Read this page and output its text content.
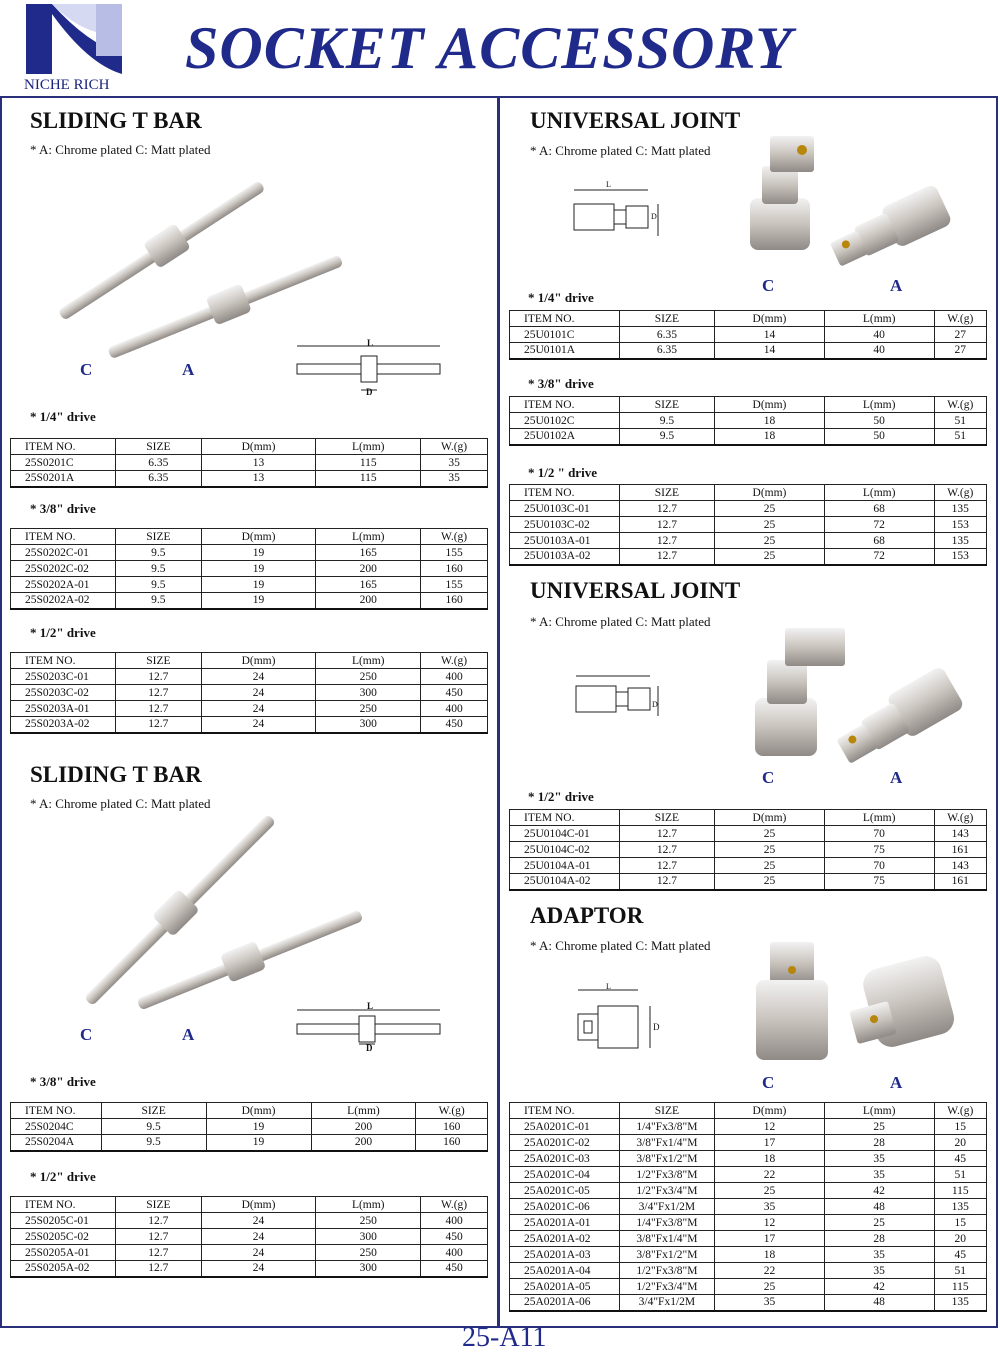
NICHE RICH
SOCKET ACCESSORY
SLIDING T BAR
* A: Chrome plated C: Matt plated
L
D
C	A
* 1/4" drive
ITEM NO.	SIZE	D(mm)	L(mm)	W.(g)
25S0201C	6.35	13	115	35
25S0201A	6.35	13	115	35
* 3/8" drive
ITEM NO.	SIZE	D(mm)	L(mm)	W.(g)
25S0202C-01	9.5	19	165	155
25S0202C-02	9.5	19	200	160
25S0202A-01	9.5	19	165	155
25S0202A-02	9.5	19	200	160
* 1/2" drive
ITEM NO.	SIZE	D(mm)	L(mm)	W.(g)
25S0203C-01	12.7	24	250	400
25S0203C-02	12.7	24	300	450
25S0203A-01	12.7	24	250	400
25S0203A-02	12.7	24	300	450
SLIDING T BAR
* A: Chrome plated C: Matt plated
L
D
C	A
* 3/8" drive
ITEM NO.	SIZE	D(mm)	L(mm)	W.(g)
25S0204C	9.5	19	200	160
25S0204A	9.5	19	200	160
* 1/2" drive
ITEM NO.	SIZE	D(mm)	L(mm)	W.(g)
25S0205C-01	12.7	24	250	400
25S0205C-02	12.7	24	300	450
25S0205A-01	12.7	24	250	400
25S0205A-02	12.7	24	300	450
UNIVERSAL JOINT
* A: Chrome plated C: Matt plated
L
D
C	A
* 1/4" drive
ITEM NO.	SIZE	D(mm)	L(mm)	W.(g)
25U0101C	6.35	14	40	27
25U0101A	6.35	14	40	27
* 3/8" drive
ITEM NO.	SIZE	D(mm)	L(mm)	W.(g)
25U0102C	9.5	18	50	51
25U0102A	9.5	18	50	51
* 1/2 " drive
ITEM NO.	SIZE	D(mm)	L(mm)	W.(g)
25U0103C-01	12.7	25	68	135
25U0103C-02	12.7	25	72	153
25U0103A-01	12.7	25	68	135
25U0103A-02	12.7	25	72	153
UNIVERSAL JOINT
* A: Chrome plated C: Matt plated
D
C	A
* 1/2" drive
ITEM NO.	SIZE	D(mm)	L(mm)	W.(g)
25U0104C-01	12.7	25	70	143
25U0104C-02	12.7	25	75	161
25U0104A-01	12.7	25	70	143
25U0104A-02	12.7	25	75	161
ADAPTOR
* A: Chrome plated C: Matt plated
L
D
C	A
ITEM NO.	SIZE	D(mm)	L(mm)	W.(g)
25A0201C-01	1/4"Fx3/8"M	12	25	15
25A0201C-02	3/8"Fx1/4"M	17	28	20
25A0201C-03	3/8"Fx1/2"M	18	35	45
25A0201C-04	1/2"Fx3/8"M	22	35	51
25A0201C-05	1/2"Fx3/4"M	25	42	115
25A0201C-06	3/4"Fx1/2M	35	48	135
25A0201A-01	1/4"Fx3/8"M	12	25	15
25A0201A-02	3/8"Fx1/4"M	17	28	20
25A0201A-03	3/8"Fx1/2"M	18	35	45
25A0201A-04	1/2"Fx3/8"M	22	35	51
25A0201A-05	1/2"Fx3/4"M	25	42	115
25A0201A-06	3/4"Fx1/2M	35	48	135
25-A11
